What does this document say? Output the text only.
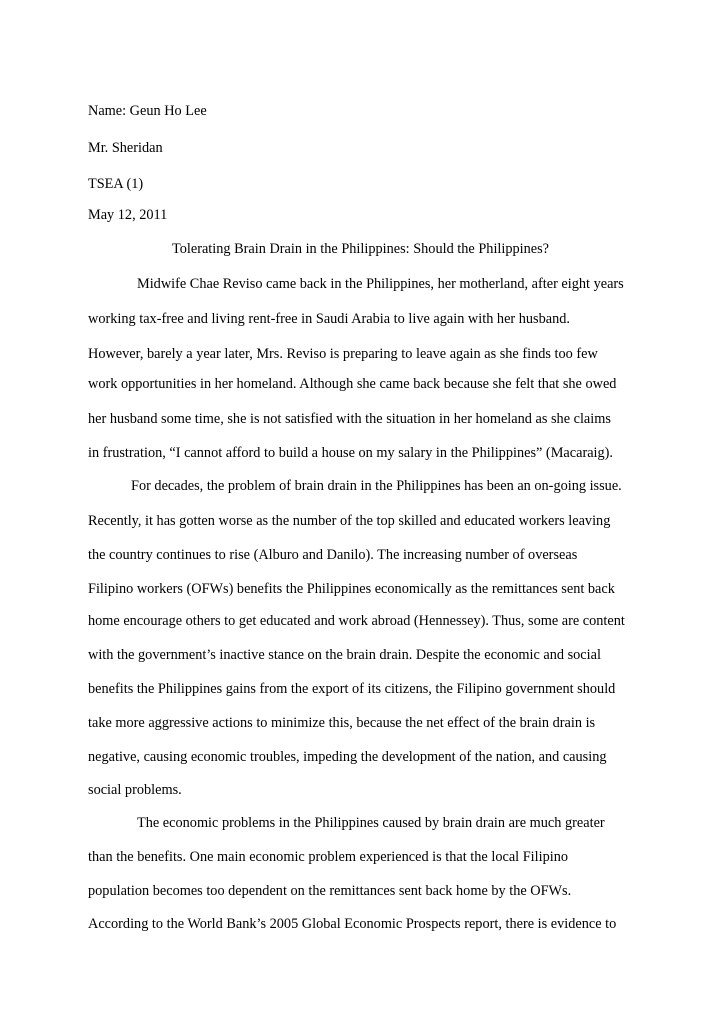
Name: Geun Ho Lee
Mr. Sheridan
TSEA (1)
May 12, 2011
Tolerating Brain Drain in the Philippines: Should the Philippines?
Midwife Chae Reviso came back in the Philippines, her motherland, after eight years
working tax-free and living rent-free in Saudi Arabia to live again with her husband.
However, barely a year later, Mrs. Reviso is preparing to leave again as she finds too few
work opportunities in her homeland. Although she came back because she felt that she owed
her husband some time, she is not satisfied with the situation in her homeland as she claims
in frustration, “I cannot afford to build a house on my salary in the Philippines” (Macaraig).
For decades, the problem of brain drain in the Philippines has been an on-going issue.
Recently, it has gotten worse as the number of the top skilled and educated workers leaving
the country continues to rise (Alburo and Danilo). The increasing number of overseas
Filipino workers (OFWs) benefits the Philippines economically as the remittances sent back
home encourage others to get educated and work abroad (Hennessey). Thus, some are content
with the government’s inactive stance on the brain drain. Despite the economic and social
benefits the Philippines gains from the export of its citizens, the Filipino government should
take more aggressive actions to minimize this, because the net effect of the brain drain is
negative, causing economic troubles, impeding the development of the nation, and causing
social problems.
The economic problems in the Philippines caused by brain drain are much greater
than the benefits. One main economic problem experienced is that the local Filipino
population becomes too dependent on the remittances sent back home by the OFWs.
According to the World Bank’s 2005 Global Economic Prospects report, there is evidence to
